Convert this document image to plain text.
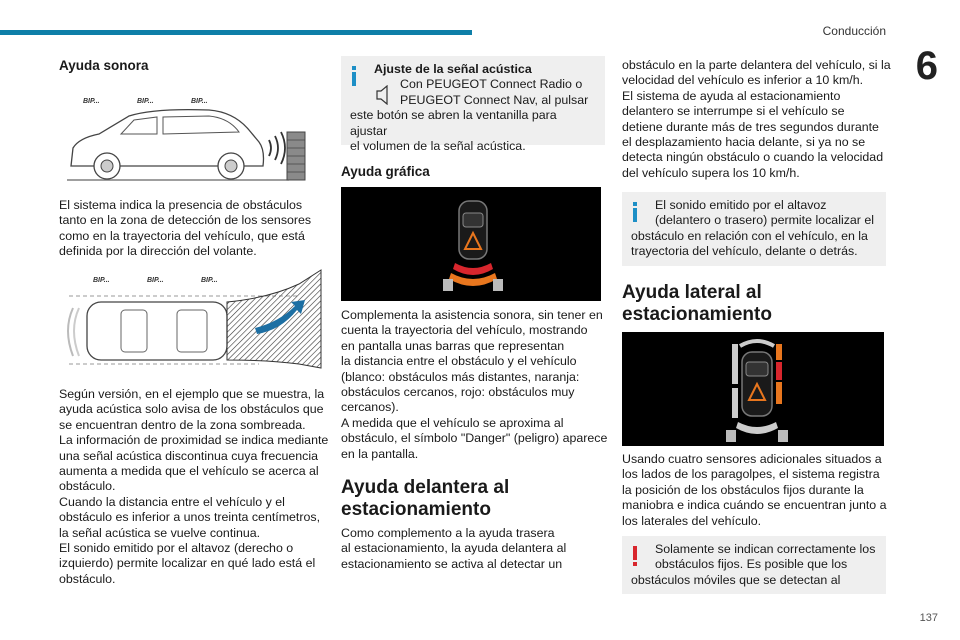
Conducción
6
137
Ayuda sonora
BIP...	BIP...	BIP...

El sistema indica la presencia de obstáculos
tanto en la zona de detección de los sensores
como en la trayectoria del vehículo, que está
definida por la dirección del volante.

BIP...	BIP...	BIP...

Según versión, en el ejemplo que se muestra, la
ayuda acústica solo avisa de los obstáculos que
se encuentran dentro de la zona sombreada.
La información de proximidad se indica mediante
una señal acústica discontinua cuya frecuencia
aumenta a medida que el vehículo se acerca al
obstáculo.
Cuando la distancia entre el vehículo y el
obstáculo es inferior a unos treinta centímetros,
la señal acústica se vuelve continua.
El sonido emitido por el altavoz (derecho o
izquierdo) permite localizar en qué lado está el
obstáculo.

Ajuste de la señal acústica
Con PEUGEOT Connect Radio o
PEUGEOT Connect Nav, al pulsar
este botón se abren la ventanilla para ajustar
el volumen de la señal acústica.
Ayuda gráfica

Complementa la asistencia sonora, sin tener en
cuenta la trayectoria del vehículo, mostrando
en pantalla unas barras que representan
la distancia entre el obstáculo y el vehículo
(blanco: obstáculos más distantes, naranja:
obstáculos cercanos, rojo: obstáculos muy
cercanos).
A medida que el vehículo se aproxima al
obstáculo, el símbolo "Danger" (peligro) aparece
en la pantalla.

Ayuda delantera al
estacionamiento

Como complemento a la ayuda trasera
al estacionamiento, la ayuda delantera al
estacionamiento se activa al detectar un

obstáculo en la parte delantera del vehículo, si la
velocidad del vehículo es inferior a 10 km/h.
El sistema de ayuda al estacionamiento
delantero se interrumpe si el vehículo se
detiene durante más de tres segundos durante
el desplazamiento hacia delante, si ya no se
detecta ningún obstáculo o cuando la velocidad
del vehículo supera los 10 km/h.

El sonido emitido por el altavoz
(delantero o trasero) permite localizar el
obstáculo en relación con el vehículo, en la
trayectoria del vehículo, delante o detrás.
Ayuda lateral al
estacionamiento

Usando cuatro sensores adicionales situados a
los lados de los paragolpes, el sistema registra
la posición de los obstáculos fijos durante la
maniobra e indica cuándo se encuentran junto a
los laterales del vehículo.

Solamente se indican correctamente los
obstáculos fijos. Es posible que los
obstáculos móviles que se detectan al
